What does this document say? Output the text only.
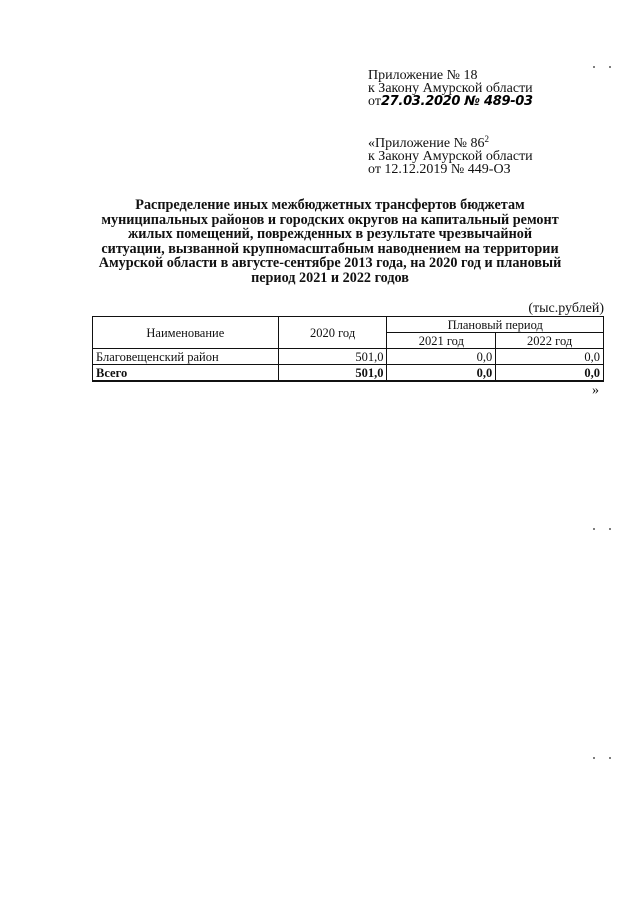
Приложение № 18
к Закону Амурской области
от27.03.2020 № 489-03
«Приложение № $86^2$
к Закону Амурской области
от 12.12.2019 № 449-ОЗ
Распределение иных межбюджетных трансфертов бюджетам
муниципальных районов и городских округов на капитальный ремонт
жилых помещений, поврежденных в результате чрезвычайной
ситуации, вызванной крупномасштабным наводнением на территории
Амурской области в августе-сентябре 2013 года, на 2020 год и плановый
период 2021 и 2022 годов
(тыс.рублей)
Наименование	2020 год	Плановый период	
		2021 год	2022 год
Благовещенский район	501,0	0,0	0,0
Всего	501,0	0,0	0,0
»
